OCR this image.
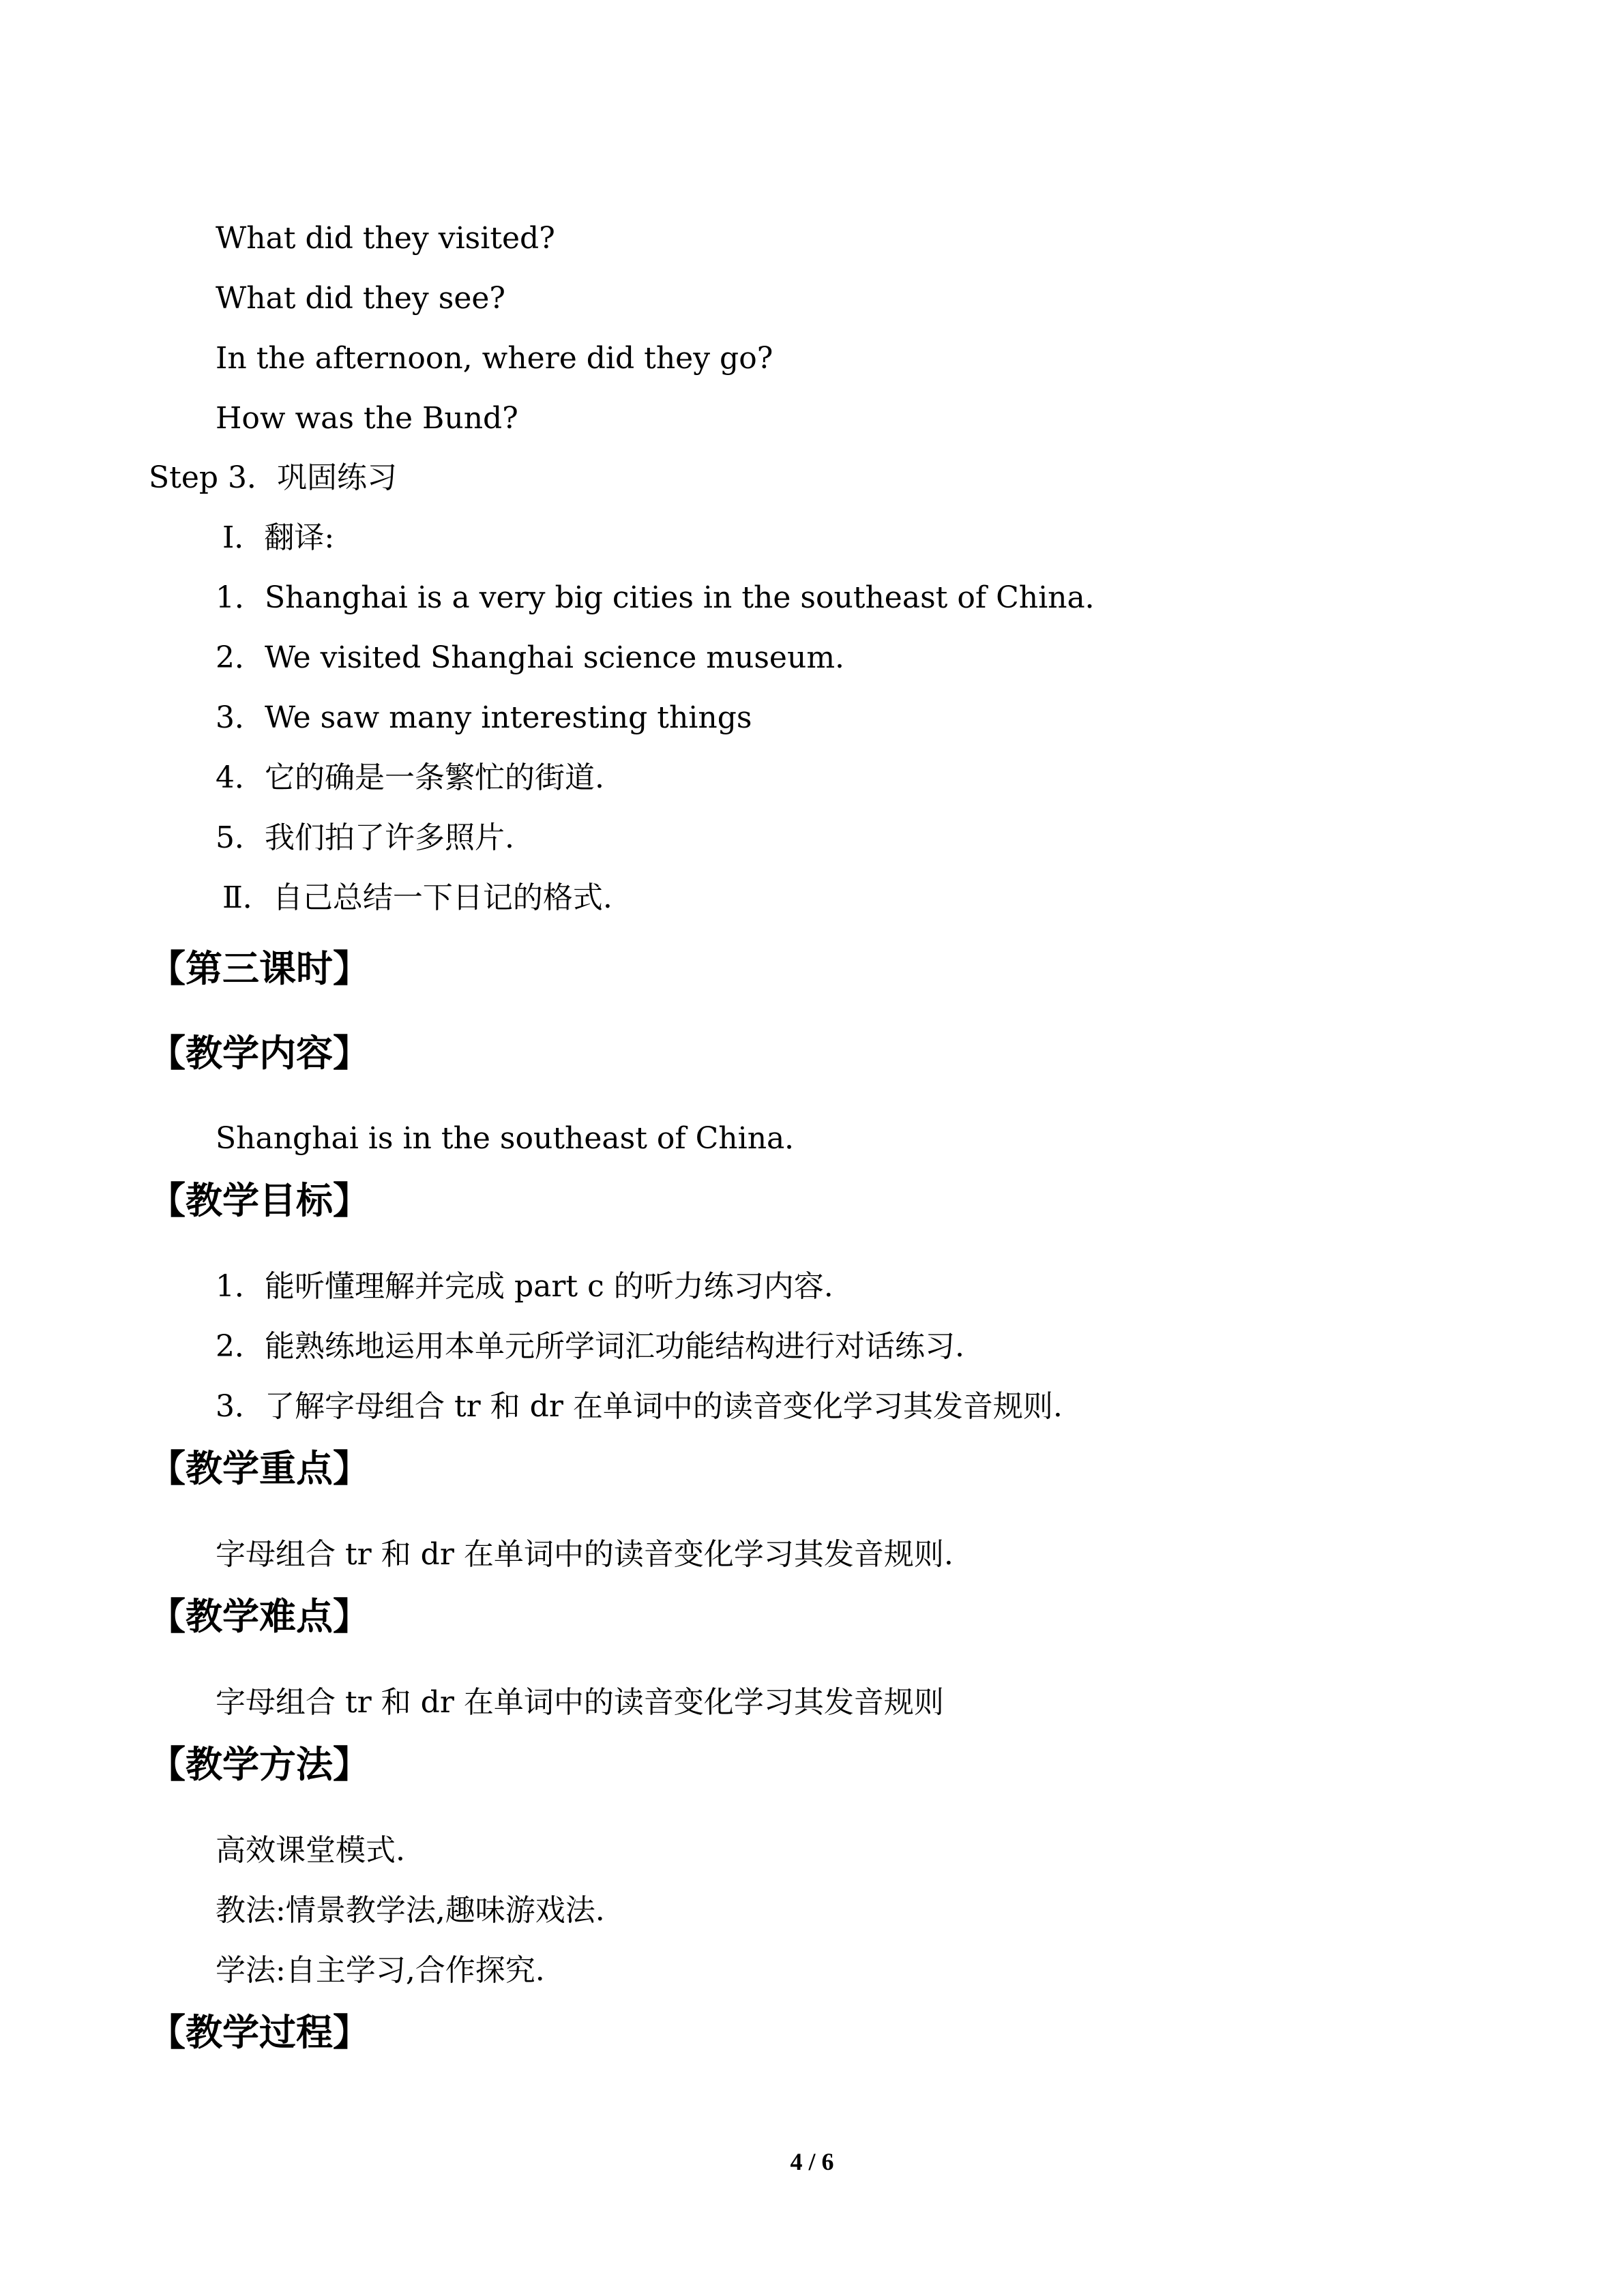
What did they visited?
What did they see?
In the afternoon, where did they go?
How was the Bund?
Step 3．巩固练习
Ⅰ．翻译:
1．Shanghai is a very big cities in the southeast of China．
2．We visited Shanghai science museum.
3．We saw many interesting things
4．它的确是一条繁忙的街道.
5．我们拍了许多照片.
Ⅱ．自己总结一下日记的格式.
【第三课时】
【教学内容】
Shanghai is in the southeast of China．
【教学目标】
1．能听懂理解并完成 part c 的听力练习内容.
2．能熟练地运用本单元所学词汇功能结构进行对话练习.
3．了解字母组合 tr 和 dr 在单词中的读音变化学习其发音规则.
【教学重点】
字母组合 tr 和 dr 在单词中的读音变化学习其发音规则.
【教学难点】
字母组合 tr 和 dr 在单词中的读音变化学习其发音规则
【教学方法】
高效课堂模式.
教法:情景教学法,趣味游戏法.
学法:自主学习,合作探究.
【教学过程】
4 / 6
